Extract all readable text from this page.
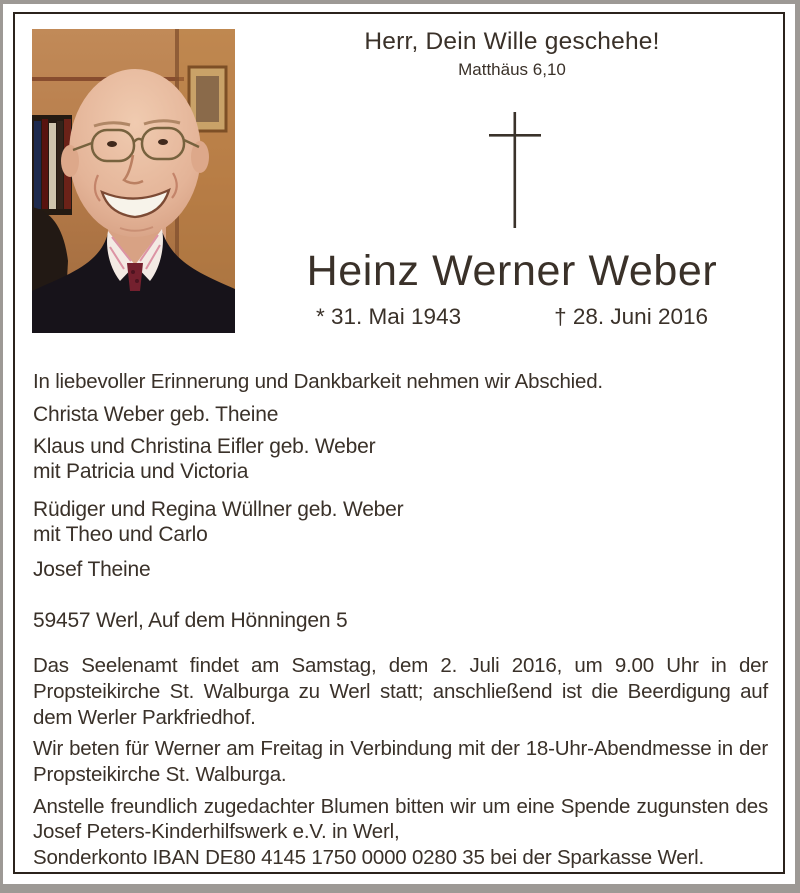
Herr, Dein Wille geschehe!
Matthäus 6,10
Heinz Werner Weber
* 31. Mai 1943	† 28. Juni 2016
In liebevoller Erinnerung und Dankbarkeit nehmen wir Abschied.
Christa Weber geb. Theine
Klaus und Christina Eifler geb. Weber
mit Patricia und Victoria
Rüdiger und Regina Wüllner geb. Weber
mit Theo und Carlo
Josef Theine
59457 Werl, Auf dem Hönningen 5
Das Seelenamt findet am Samstag, dem 2. Juli 2016, um 9.00 Uhr in der
Propsteikirche St. Walburga zu Werl statt; anschließend ist die Beerdigung auf
dem Werler Parkfriedhof.
Wir beten für Werner am Freitag in Verbindung mit der 18-Uhr-Abendmesse in der
Propsteikirche St. Walburga.
Anstelle freundlich zugedachter Blumen bitten wir um eine Spende zugunsten des
Josef Peters-Kinderhilfswerk e.V. in Werl,
Sonderkonto IBAN DE80 4145 1750 0000 0280 35 bei der Sparkasse Werl.
